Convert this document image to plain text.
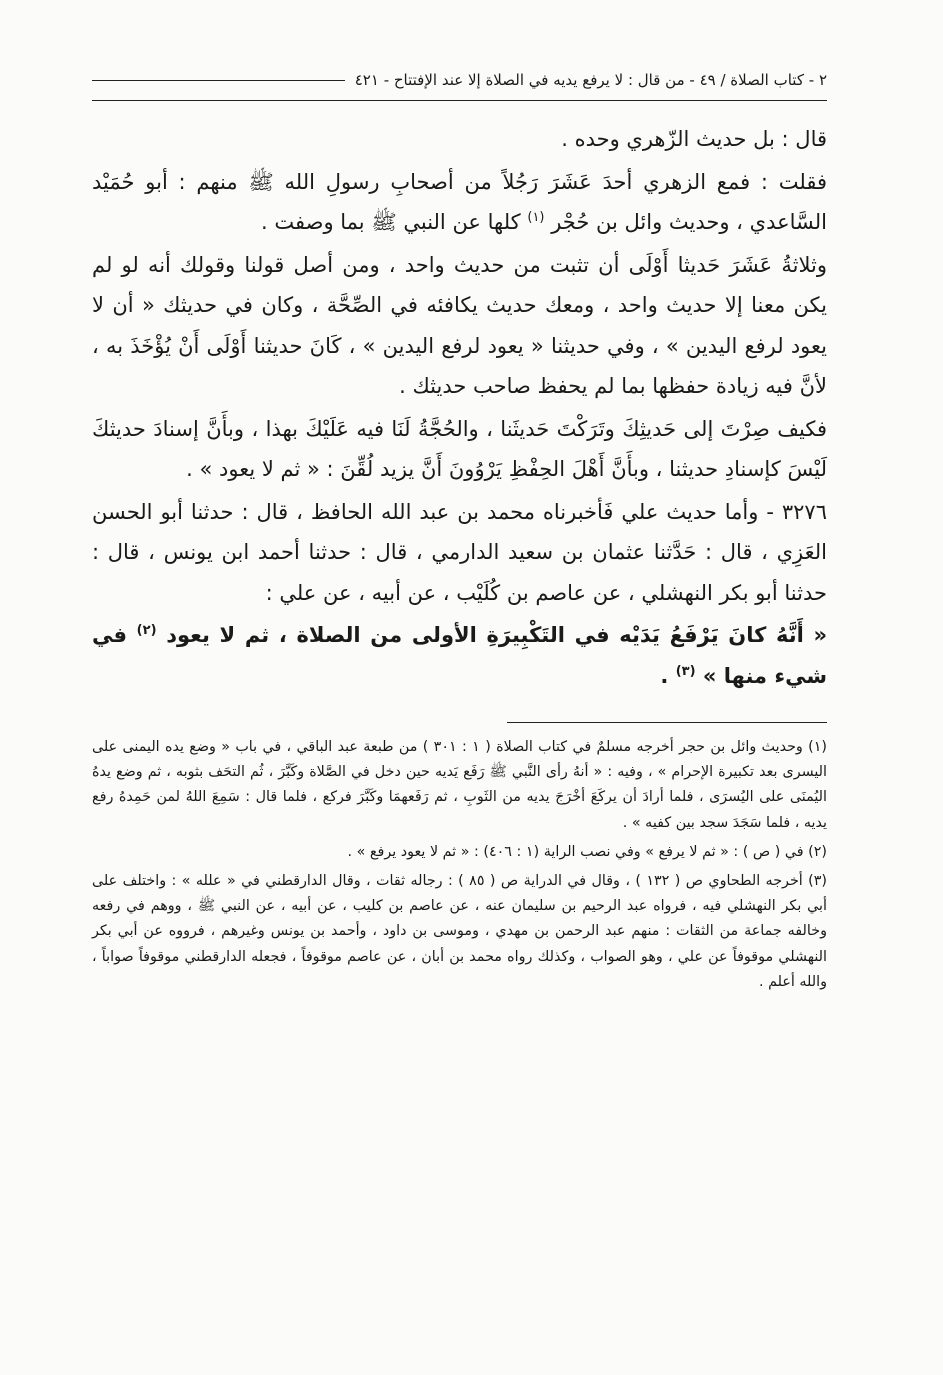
٢ - كتاب الصلاة / ٤٩ - من قال : لا يرفع يديه في الصلاة إلا عند الإفتتاح - ٤٢١

قال : بل حديث الزّهري وحده .

فقلت : فمع الزهري أحدَ عَشَرَ رَجُلاً من أصحابِ رسولِ الله ﷺ منهم : أبو حُمَيْد السَّاعدي ، وحديث وائل بن حُجْر $^{(١)}$ كلها عن النبي ﷺ بما وصفت .

وثلاثةُ عَشَرَ حَديثا أَوْلَى أن تثبت من حديث واحد ، ومن أصل قولنا وقولك أنه لو لم يكن معنا إلا حديث واحد ، ومعك حديث يكافئه في الصِّحَّة ، وكان في حديثك « أن لا يعود لرفع اليدين » ، وفي حديثنا « يعود لرفع اليدين » ، كَانَ حديثنا أَوْلَى أَنْ يُؤْخَذَ به ، لأنَّ فيه زيادة حفظها بما لم يحفظ صاحب حديثك .

فكيف صِرْتَ إلى حَديثِكَ وتَرَكْتَ حَديثَنا ، والحُجَّةُ لَنَا فيه عَلَيْكَ بهذا ، وبأَنَّ إسنادَ حديثكَ لَيْسَ كإسنادِ حديثنا ، وبأَنَّ أَهْلَ الحِفْظِ يَرْوُونَ أَنَّ يزيد لُقِّنَ : « ثم لا يعود » .

٣٢٧٦ - وأما حديث علي فَأخبرناه محمد بن عبد الله الحافظ ، قال : حدثنا أبو الحسن العَزِي ، قال : حَدَّثنا عثمان بن سعيد الدارمي ، قال : حدثنا أحمد ابن يونس ، قال : حدثنا أبو بكر النهشلي ، عن عاصم بن كُلَيْب ، عن أبيه ، عن علي :

« أَنَّهُ كانَ يَرْفَعُ يَدَيْه في التَكْبِيرَةِ الأولى من الصلاة ، ثم لا يعود $^{(٢)}$ في شيء منها » $^{(٣)}$ .

(١) وحديث وائل بن حجر أخرجه مسلمٌ في كتاب الصلاة ( ١ : ٣٠١ ) من طبعة عبد الباقي ، في باب « وضع يده اليمنى على اليسرى بعد تكبيرة الإحرام » ، وفيه : « أنهُ رأى النَّبي ﷺ رَفَع يَديه حين دخل في الصَّلاة وكَبَّرَ ، ثُم التحَف بثوبه ، ثم وضع يدهُ اليُمنَى على اليُسرَى ، فلما أرادَ أن يركَعَ أخْرَجَ يديه من الثَوبِ ، ثم رَفَعهمَا وكَبَّرَ فركع ، فلما قال : سَمِعَ اللهُ لمن حَمِدهُ رفع يديه ، فلما سَجَدَ سجد بين كفيه » .

(٢) في ( ص ) : « ثم لا يرفع » وفي نصب الراية (١ : ٤٠٦) : « ثم لا يعود يرفع » .

(٣) أخرجه الطحاوي ص ( ١٣٢ ) ، وقال في الدراية ص ( ٨٥ ) : رجاله ثقات ، وقال الدارقطني في « علله » : واختلف على أبي بكر النهشلي فيه ، فرواه عبد الرحيم بن سليمان عنه ، عن عاصم بن كليب ، عن أبيه ، عن النبي ﷺ ، ووهم في رفعه وخالفه جماعة من الثقات : منهم عبد الرحمن بن مهدي ، وموسى بن داود ، وأحمد بن يونس وغيرهم ، فرووه عن أبي بكر النهشلي موقوفاً عن علي ، وهو الصواب ، وكذلك رواه محمد بن أبان ، عن عاصم موقوفاً ، فجعله الدارقطني موقوفاً صواباً ، والله أعلم .
